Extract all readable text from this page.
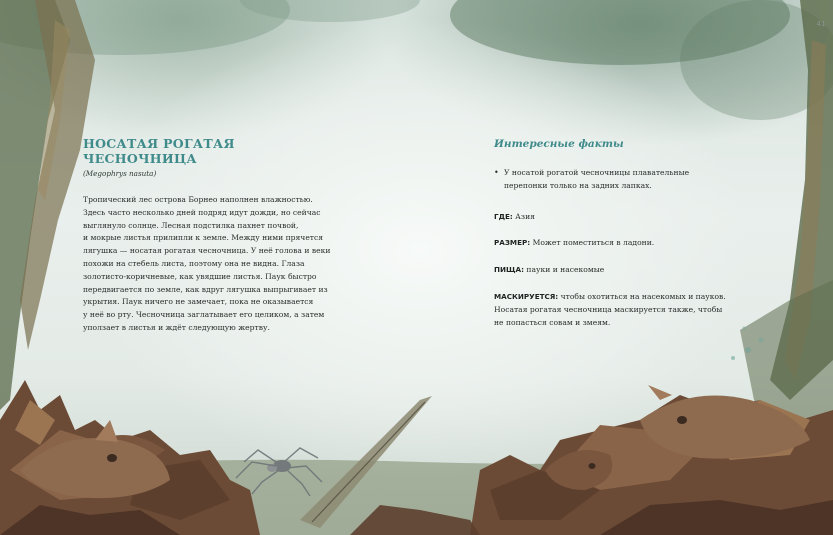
41
НОСАТАЯ РОГАТАЯ ЧЕСНОЧНИЦА

(Megophrys nasuta)

Тропический лес острова Борнео наполнен влажностью.
Здесь часто несколько дней подряд идут дожди, но сейчас
выглянуло солнце. Лесная подстилка пахнет почвой,
и мокрые листья прилипли к земле. Между ними прячется
лягушка — носатая рогатая чесночница. У неё голова и веки
похожи на стебель листа, поэтому она не видна. Глаза
золотисто-коричневые, как увядшие листья. Паук быстро
передвигается по земле, как вдруг лягушка выпрыгивает из
укрытия. Паук ничего не замечает, пока не оказывается
у неё во рту. Чесночница заглатывает его целиком, а затем
уползает в листья и ждёт следующую жертву.
Интересные факты
• У носатой рогатой чесночницы плавательные
перепонки только на задних лапках.
ГДЕ: Азия
РАЗМЕР: Может поместиться в ладони.
ПИЩА: пауки и насекомые
МАСКИРУЕТСЯ: чтобы охотиться на насекомых и пауков.
Носатая рогатая чесночница маскируется также, чтобы
не попасться совам и змеям.
